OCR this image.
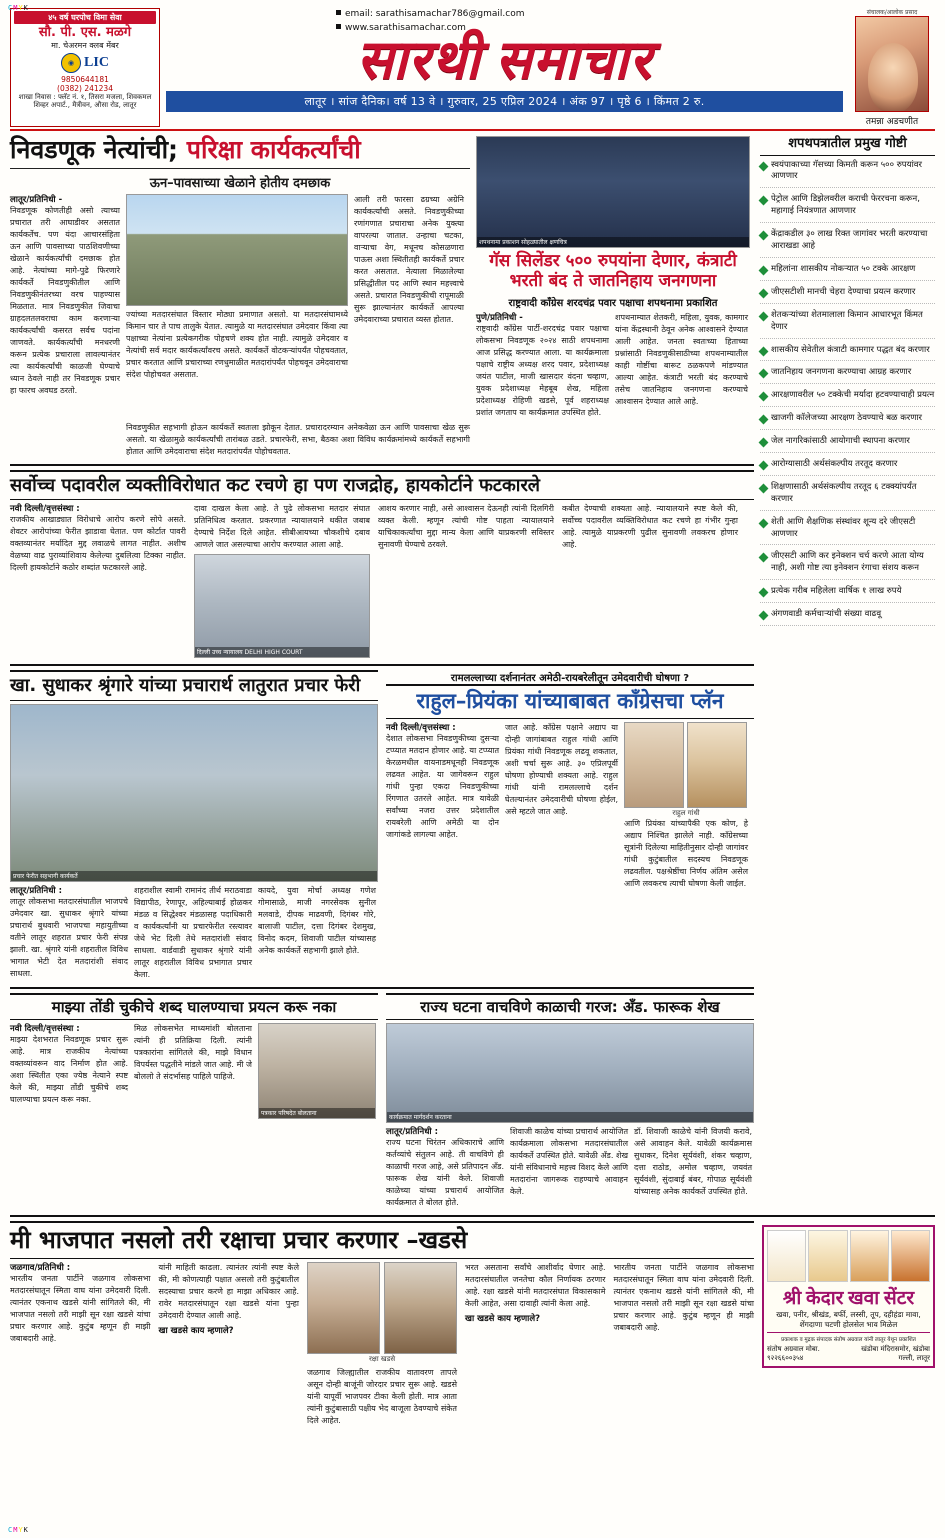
CMYK
CMYK
४५ वर्ष घरपोच विमा सेवा
सौ. पी. एस. मळगे
मा. चेअरमन क्लब मेंबर
◉ LIC
9850644181
(0382) 241234
शाखा निवास : फ्लॅट नं. १, तिसरा मजला, शिवकमल शिव्हर अपार्ट., मैत्रीवन, औसा रोड, लातूर
email: sarathisamachar786@gmail.com
www.sarathisamachar.com
सारथी समाचार
लातूर । सांज दैनिक। वर्ष 13 वे । गुरुवार, 25 एप्रिल 2024 । अंक 97 । पृष्ठे 6 । किंमत 2 रु.
संचालक/आलोक प्रसाद
तमन्ना अडचणीत
निवडणूक नेत्यांची; परिक्षा कार्यकर्त्यांची
ऊन–पावसाच्या खेळाने होतीय दमछाक
लातूर/प्रतिनिधी -
निवडणूक कोणतीही असो त्याच्या प्रचारात तरी आघाडीवर असतात कार्यकर्तेच. पण यंदा आचारसंहिता ऊन आणि पावसाच्या पाठशिवणीच्या खेळाने कार्यकर्त्यांची दमछाक होत आहे. नेत्यांच्या मागे-पुढे फिरणारे कार्यकर्ते निवडणुकीतील आणि निवडणुकीनंतरच्या वरच पाहण्यास मिळतात. मात्र निवडणुकीत जिवाचा ग्राहदलतलवराचा काम करणाऱ्या कार्यकर्त्यांची कसरत सर्वच पदांना जाणवते. कार्यकर्त्यांची मनधरणी करून प्रत्येक प्रचाराला लावल्यानंतर त्या कार्यकर्त्यांची काळजी घेण्याचे ध्यान ठेवले नाही तर निवडणूक प्रचार हा फारच अवघड ठरतो.
ज्यांच्या मतदारसंघात विस्तार मोठ्या प्रमाणात असतो. या मतदारसंघामध्ये किमान चार ते पाच तालुके येतात. त्यामुळे या मतदारसंघात उमेदवार किंवा त्या पक्षाच्या नेत्यांना प्रत्येकगरीक पोहचणे शक्य होत नाही. त्यामुळे उमेदवार व नेत्यांची सर्व मदार कार्यकर्त्यांवरच असते. कार्यकर्ते वोटकऱ्यांपर्यंत पोहचवतात, प्रचार करतात आणि प्रचाराच्या रणधुमाळीत मतदारांपर्यंत पोहचवून उमेदवाराचा संदेश पोहोचवत असतात.
आली तरी फारसा ढग्रच्या अग्रेनि कार्यकर्त्यांची असते. निवडणुकीच्या रणांगणात प्रचाराचा अनेक युक्त्या वापरल्या जातात. उन्हाचा चटका, वाऱ्याचा वेग, मधूनच कोसळणारा पाऊस अशा स्थितीतही कार्यकर्ते प्रचार करत असतात. नेत्याला मिळालेल्या प्रसिद्धीतील पद आणि स्थान महत्त्वाचे असते. प्रचारात निवडणुकीची रापूमाळी सुरू झाल्यानंतर कार्यकर्ते आपल्या उमेदवाराच्या प्रचारात व्यस्त होतात.
शपथनामा प्रकाशन सोहळ्यातील क्षणचित्र
गॅस सिलेंडर ५०० रुपयांना देणार, कंत्राटी भरती बंद ते जातनिहाय जनगणना
राष्ट्रवादी काँग्रेस शरदचंद्र पवार पक्षाचा शपथनामा प्रकाशित
पुणे/प्रतिनिधी -
राष्ट्रवादी काँग्रेस पार्टी-शरदचंद्र पवार पक्षाचा लोकसभा निवडणूक २०२४ साठी शपथनामा आज प्रसिद्ध करण्यात आला. या कार्यक्रमाला पक्षाचे राष्ट्रीय अध्यक्ष शरद पवार, प्रदेशाध्यक्ष जयंत पाटील, माजी खासदार वंदना चव्हाण, युवक प्रदेशाध्यक्ष मेहबूब शेख, महिला प्रदेशाध्यक्ष रोहिणी खडसे, पूर्व शहराध्यक्ष प्रशांत जगताप या कार्यक्रमात उपस्थित होते.
शपथनाम्यात शेतकरी, महिला, युवक, कामगार यांना केंद्रस्थानी ठेवून अनेक आश्वासने देण्यात आली आहेत. जनता स्वतःच्या हिताच्या प्रश्नांसाठी निवडणुकीसाठीच्या शपथनाम्यातील काही गोष्टींचा बारूट ठळकपणे मांडण्यात आल्या आहेत. कंत्राटी भरती बंद करण्याचे तसेच जातनिहाय जनगणना करण्याचे आश्वासन देण्यात आले आहे.
निवडणुकीत सहभागी होऊन कार्यकर्ते स्वतःला झोकून देतात. प्रचारादरम्यान अनेकवेळा ऊन आणि पावसाचा खेळ सुरू असतो. या खेळामुळे कार्यकर्त्यांची तारांबळ उडते. प्रचारफेरी, सभा, बैठका अशा विविध कार्यक्रमांमध्ये कार्यकर्ते सहभागी होतात आणि उमेदवाराचा संदेश मतदारांपर्यंत पोहोचवतात.
सर्वोच्च पदावरील व्यक्तीविरोधात कट रचणे हा पण राजद्रोह, हायकोर्टाने फटकारले
नवी दिल्ली/वृत्तसंस्था :
राजकीय आखाड्यात विरोधाचे आरोप करणे सोपे असते. शेवटर आरोपांच्या फेरीत झाडावा घेतात. पण कोर्टात पावरी वक्तव्यानंतर मर्यादित मुद्द लवाळचे लागत नाहीत. अशीच वेळच्या वाढ पुराव्यांशिवाय केलेल्या दुबलित्वा टिक्का नाहीत. दिल्ली हायकोर्टाने कठोर शब्दांत फटकारले आहे.
दावा दाखल केला आहे. ते पुढे लोकसभा मतदार संघात प्रतिनिधित्व करतात. प्रकरणात न्यायालयाने थकीत जबाब देण्याचे निर्देश दिले आहेत. सीबीआयच्या चौकशीचे दबाव आणले जात असल्याचा आरोप करण्यात आला आहे.
दिल्ली उच्च न्यायालय DELHI HIGH COURT
आशय करणार नाही, असे आश्वासन देऊनही त्यांनी दिलगिरी व्यक्त केली. म्हणून त्यांची गोष्ट पाहता न्यायालयाने याचिकाकर्त्यांचा मुद्दा मान्य केला आणि याप्रकरणी सविस्तर सुनावणी घेण्याचे ठरवले.
कबीत देण्याची शक्यता आहे. न्यायालयाने स्पष्ट केले की, सर्वोच्च पदावरील व्यक्तिविरोधात कट रचणे हा गंभीर गुन्हा आहे. त्यामुळे याप्रकरणी पुढील सुनावणी लवकरच होणार आहे.
खा. सुधाकर श्रृंगारे यांच्या प्रचारार्थ लातुरात प्रचार फेरी
प्रचार फेरीत सहभागी कार्यकर्ते
लातूर/प्रतिनिधी :
लातूर लोकसभा मतदारसंघातील भाजपचे उमेदवार खा. सुधाकर श्रृंगारे यांच्या प्रचारार्थ बुधवारी भाजपचा महायुतीच्या वतीने लातूर शहरात प्रचार फेरी संपन्न झाली. खा. श्रृंगारे यांनी शहरातील विविध भागात भेटी देत मतदारांशी संवाद साधला.
शहराशील स्वामी रामानंद तीर्थ मराठवाडा विद्यापीठ, रेणापूर, अहिल्याबाई होळकर मंडळ व सिद्धेश्वर मंडळासह पदाधिकारी व कार्यकर्त्यांनी या प्रचारफेरीत रस्त्यावर जेथे भेट दिली तेथे मतदारांशी संवाद साधला. वार्डवाडी सुधाकर श्रृंगारे यांनी लातूर शहरातील विविध प्रभागात प्रचार केला.
कायदे, युवा मोर्चा अध्यक्ष गणेश गोमासाळे, माजी नगरसेवक सुनील मलवाडे, दीपक माढवणी, दिगंबर गोरे, बालाजी पाटील, दत्ता दिगंबर देशमुख, विनोद कदम, शिवाजी पाटील यांच्यासह अनेक कार्यकर्ते सहभागी झाले होते.
रामलल्लाच्या दर्शनानंतर अमेठी-रायबरेलीतून उमेदवारीची घोषणा ?
राहुल–प्रियंका यांच्याबाबत काँग्रेसचा प्लॅन
नवी दिल्ली/वृत्तसंस्था :
देशात लोकसभा निवडणुकीच्या दुसऱ्या टप्प्यात मतदान होणार आहे. या टप्प्यात केरळमधील वायनाडमधूनही निवडणूक लढवत आहेत. या जागेवरून राहुल गांधी पुन्हा एकदा निवडणुकीच्या रिंगणात उतरले आहेत. मात्र यावेळी सर्वांच्या नजरा उत्तर प्रदेशातील रायबरेली आणि अमेठी या दोन जागांकडे लागल्या आहेत.
जात आहे. काँग्रेस पक्षाने अद्याप या दोन्ही जागांबाबत राहुल गांधी आणि प्रियंका गांधी निवडणूक लढवू शकतात, अशी चर्चा सुरू आहे. ३० एप्रिलपूर्वी घोषणा होण्याची शक्यता आहे. राहुल गांधी यांनी रामलल्लाचे दर्शन घेतल्यानंतर उमेदवारीची घोषणा होईल, असे म्हटले जात आहे.	राहुल गांधी
आणि प्रियंका यांच्यापैकी एक कोण, हे अद्याप निश्चित झालेले नाही. काँग्रेसच्या सूत्रांनी दिलेल्या माहितीनुसार दोन्ही जागांवर गांधी कुटुंबातील सदस्यच निवडणूक लढवतील. पक्षश्रेष्ठींचा निर्णय अंतिम असेल आणि लवकरच त्याची घोषणा केली जाईल.
माझ्या तोंडी चुकीचे शब्द घालण्याचा प्रयत्न करू नका
नवी दिल्ली/वृत्तसंस्था :
माझ्या देशभरात निवडणूक प्रचार सुरू आहे. मात्र राजकीय नेत्यांच्या वक्तव्यांवरून वाद निर्माण होत आहे. अशा स्थितीत एका ज्येष्ठ नेत्याने स्पष्ट केले की, माझ्या तोंडी चुकीचे शब्द घालण्याचा प्रयत्न करू नका.
मिळ लोकसभेत माध्यमांशी बोलताना त्यांनी ही प्रतिक्रिया दिली. त्यांनी पत्रकारांना सांगितले की, माझे विधान विपर्यस्त पद्धतीने मांडले जात आहे. मी जे बोललो ते संदर्भासह पाहिले पाहिजे.
पत्रकार परिषदेत बोलताना
राज्य घटना वाचविणे काळाची गरज: अँड. फारूक शेख
कार्यक्रमात मार्गदर्शन करताना
लातूर/प्रतिनिधी :
राज्य घटना चिरंतन अधिकाराचे आणि कर्तव्यांचे संतुलन आहे. ती वाचविणे ही काळाची गरज आहे, असे प्रतिपादन अँड. फारूक शेख यांनी केले. शिवाजी काळेच्या यांच्या प्रचारार्थ आयोजित कार्यक्रमात ते बोलत होते.
शिवाजी काळेच यांच्या प्रचारार्थ आयोजित कार्यक्रमाला लोकसभा मतदारसंघातील कार्यकर्ते उपस्थित होते. यावेळी अँड. शेख यांनी संविधानाचे महत्त्व विशद केले आणि मतदारांना जागरूक राहण्याचे आवाहन केले.
डॉ. शिवाजी काळेचे यांनी विजयी करावे, असे आवाहन केले. यावेळी कार्यक्रमास सुधाकर, दिनेश सूर्यवंशी, शंकर चव्हाण, दत्ता राठोड, अमोल चव्हाण, जयवंत सूर्यवंशी, सुंदाबाई बंबर, गोपाळ सूर्यवंशी यांच्यासह अनेक कार्यकर्ते उपस्थित होते.
शपथपत्रातील प्रमुख गोष्टी
स्वयंपाकाच्या गॅसच्या किमती करून ५०० रुपयांवर आणणार
पेट्रोल आणि डिझेलवरील कराची फेररचना करून, महागाई नियंत्रणात आणणार
केंद्राकडील ३० लाख रिक्त जागांवर भरती करण्याचा आराखडा आहे
महिलांना शासकीय नोकऱ्यात ५० टक्के आरक्षण
जीएसटीशी मानची चेहरा देण्याचा प्रयत्न करणार
शेतकऱ्यांच्या शेतमालाला किमान आधारभूत किंमत देणार
शासकीय सेवेतील कंत्राटी कामगार पद्धत बंद करणार
जातनिहाय जनगणना करण्याचा आग्रह करणार
आरक्षणावरील ५० टक्केची मर्यादा हटवण्याचाही प्रयत्न
खाजगी कॉलेजच्या आरक्षण ठेवण्याचे बळ करणार
जेल नागरिकांसाठी आयोगाची स्थापना करणार
आरोग्यासाठी अर्थसंकल्पीय तरतूद करणार
शिक्षणासाठी अर्थसंकल्पीय तरतूद ६ टक्क्यांपर्यंत करणार
शेती आणि शैक्षणिक संस्थांवर शून्य दरे जीएसटी आणणार
जीएसटी आणि कर इनेक्शन चर्च करणे आता योग्य नाही, अशी गोष्ट त्या इनेक्शन रंगाचा संशय करून
प्रत्येक गरीब महिलेला वार्षिक १ लाख रुपये
अंगणवाडी कर्मचाऱ्यांची संख्या वाढवू
मी भाजपात नसलो तरी रक्षाचा प्रचार करणार –खडसे
जळगाव/प्रतिनिधी :
भारतीय जनता पार्टीने जळगाव लोकसभा मतदारसंघातून स्मिता वाघ यांना उमेदवारी दिली. त्यानंतर एकनाथ खडसे यांनी सांगितले की, मी भाजपात नसलो तरी माझी सून रक्षा खडसे यांचा प्रचार करणार आहे. कुटुंब म्हणून ही माझी जबाबदारी आहे.
यांनी माहिती काढला. त्यानंतर त्यांनी स्पष्ट केले की, मी कोणत्याही पक्षात असलो तरी कुटुंबातील सदस्याचा प्रचार करणे हा माझा अधिकार आहे. रावेर मतदारसंघातून रक्षा खडसे यांना पुन्हा उमेदवारी देण्यात आली आहे.
खा खडसे काय म्हणाले?
रक्षा खडसे
जळगाव जिल्ह्यातील राजकीय वातावरण तापले असून दोन्ही बाजूंनी जोरदार प्रचार सुरू आहे. खडसे यांनी यापूर्वी भाजपवर टीका केली होती. मात्र आता त्यांनी कुटुंबासाठी पक्षीय भेद बाजूला ठेवण्याचे संकेत दिले आहेत.
भरत असताना सर्वांचे आशीर्वाद घेणार आहे. मतदारसंघातील जनतेचा कौल निर्णायक ठरणार आहे. रक्षा खडसे यांनी मतदारसंघात विकासकामे केली आहेत, असा दावाही त्यांनी केला आहे.
खा खडसे काय म्हणाले?
भारतीय जनता पार्टीने जळगाव लोकसभा मतदारसंघातून स्मिता वाघ यांना उमेदवारी दिली. त्यानंतर एकनाथ खडसे यांनी सांगितले की, मी भाजपात नसलो तरी माझी सून रक्षा खडसे यांचा प्रचार करणार आहे. कुटुंब म्हणून ही माझी जबाबदारी आहे.
श्री केदार खवा सेंटर
खवा, पनीर, श्रीखंड, बर्फी, लस्सी, तूप, दहीहंडा मावा, शेंगदाणा चटणी होलसेल भाव मिळेल
प्रकाशक व मुद्रक संपादक संतोष अग्रवाल यांनी लातूर येथून प्रकाशित
संतोष अग्रवाल मोबा. ९२२६६००३५४
खंडोबा मंदिरासमोर, खंडोबा गल्ली, लातूर
